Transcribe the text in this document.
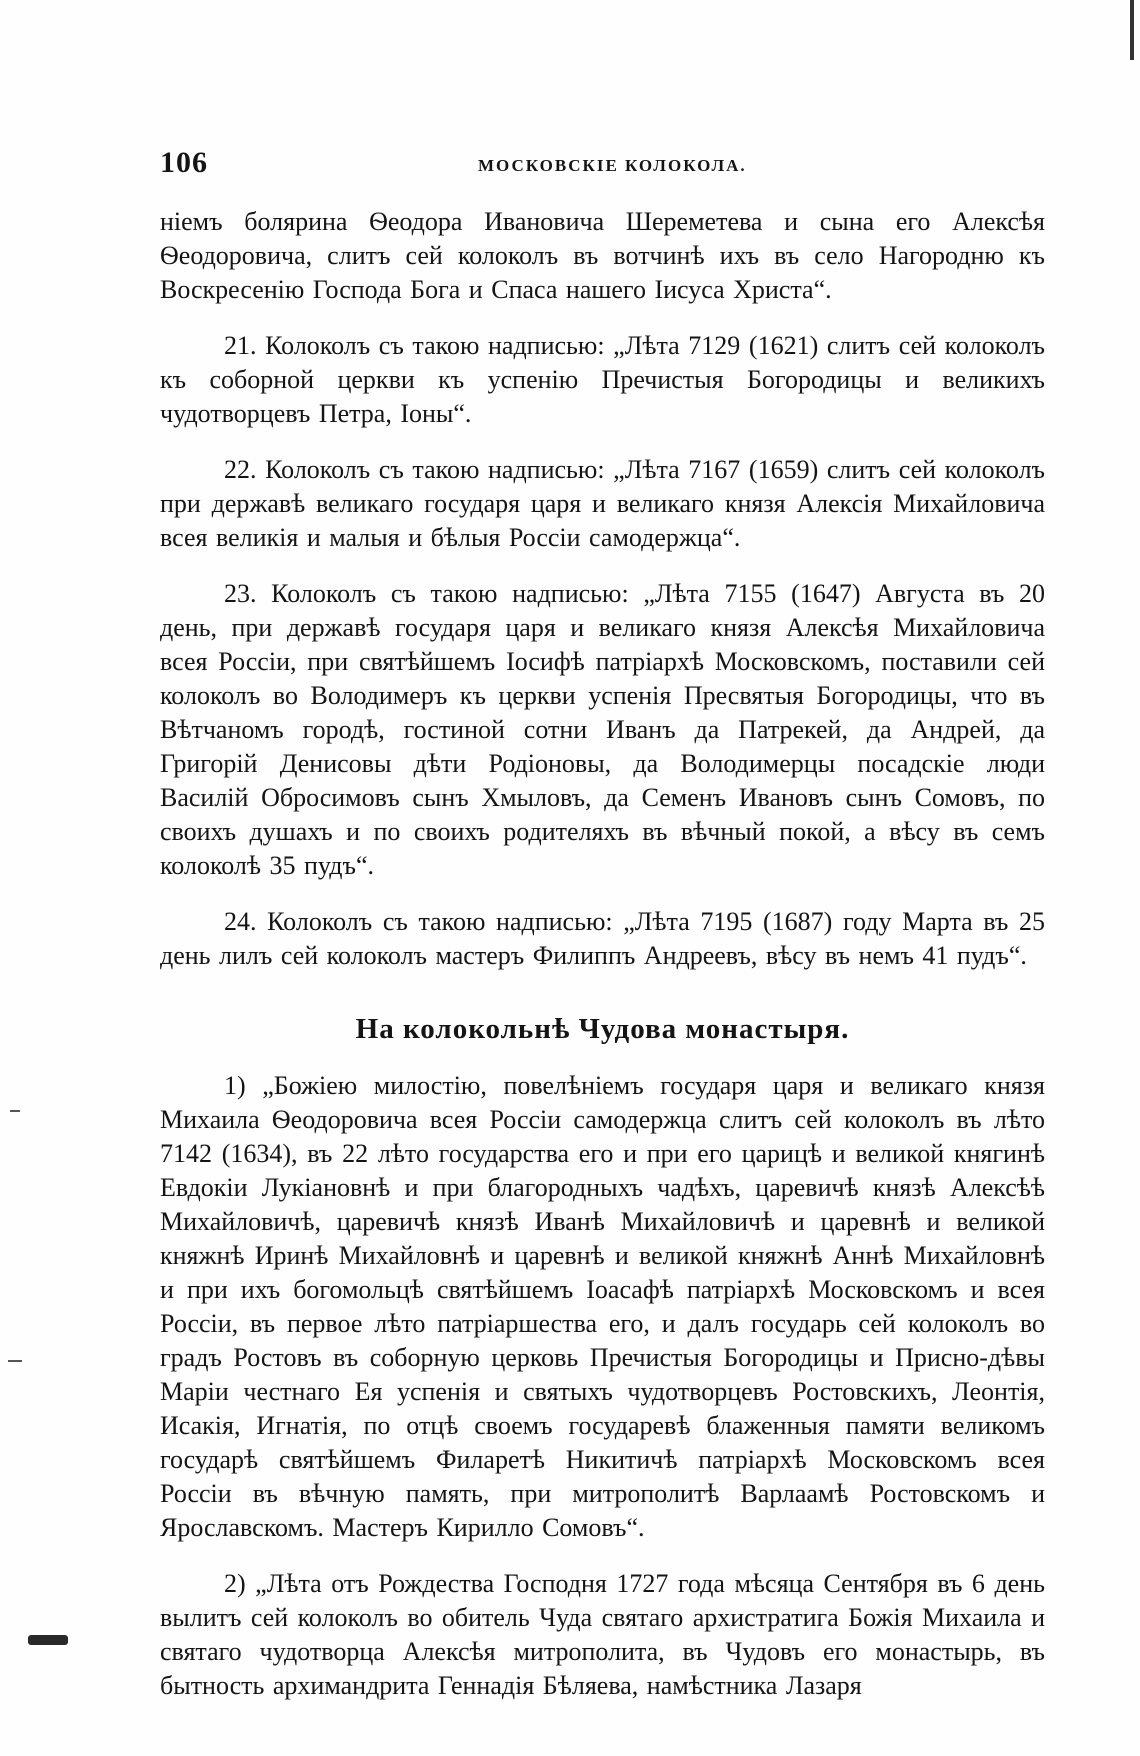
106	МОСКОВСКІЕ КОЛОКОЛА.

ніемъ болярина Ѳеодора Ивановича Шереметева и сына его Алексѣя Ѳеодоровича, слитъ сей колоколъ въ вотчинѣ ихъ въ село Нагородню къ Воскресенію Господа Бога и Спаса нашего Іисуса Христа“.

21. Колоколъ съ такою надписью: „Лѣта 7129 (1621) слитъ сей колоколъ къ соборной церкви къ успенію Пречистыя Богородицы и великихъ чудотворцевъ Петра, Іоны“.

22. Колоколъ съ такою надписью: „Лѣта 7167 (1659) слитъ сей колоколъ при державѣ великаго государя царя и великаго князя Алексія Михайловича всея великія и малыя и бѣлыя Россіи самодержца“.

23. Колоколъ съ такою надписью: „Лѣта 7155 (1647) Августа въ 20 день, при державѣ государя царя и великаго князя Алексѣя Михайловича всея Россіи, при святѣйшемъ Іосифѣ патріархѣ Московскомъ, поставили сей колоколъ во Володимеръ къ церкви успенія Пресвятыя Богородицы, что въ Вѣтчаномъ городѣ, гостиной сотни Иванъ да Патрекей, да Андрей, да Григорій Денисовы дѣти Родіоновы, да Володимерцы посадскіе люди Василій Обросимовъ сынъ Хмыловъ, да Семенъ Ивановъ сынъ Сомовъ, по своихъ душахъ и по своихъ родителяхъ въ вѣчный покой, а вѣсу въ семъ колоколѣ 35 пудъ“.

24. Колоколъ съ такою надписью: „Лѣта 7195 (1687) году Марта въ 25 день лилъ сей колоколъ мастеръ Филиппъ Андреевъ, вѣсу въ немъ 41 пудъ“.

На колокольнѣ Чудова монастыря.

1) „Божіею милостію, повелѣніемъ государя царя и великаго князя Михаила Ѳеодоровича всея Россіи самодержца слитъ сей колоколъ въ лѣто 7142 (1634), въ 22 лѣто государства его и при его царицѣ и великой княгинѣ Евдокіи Лукіановнѣ и при благородныхъ чадѣхъ, царевичѣ князѣ Алексѣѣ Михайловичѣ, царевичѣ князѣ Иванѣ Михайловичѣ и царевнѣ и великой княжнѣ Иринѣ Михайловнѣ и царевнѣ и великой княжнѣ Аннѣ Михайловнѣ и при ихъ богомольцѣ святѣйшемъ Іоасафѣ патріархѣ Московскомъ и всея Россіи, въ первое лѣто патріаршества его, и далъ государь сей колоколъ во градъ Ростовъ въ соборную церковь Пречистыя Богородицы и Присно-дѣвы Маріи честнаго Ея успенія и святыхъ чудотворцевъ Ростовскихъ, Леонтія, Исакія, Игнатія, по отцѣ своемъ государевѣ блаженныя памяти великомъ государѣ святѣйшемъ Филаретѣ Никитичѣ патріархѣ Московскомъ всея Россіи въ вѣчную память, при митрополитѣ Варлаамѣ Ростовскомъ и Ярославскомъ. Мастеръ Кирилло Сомовъ“.

2) „Лѣта отъ Рождества Господня 1727 года мѣсяца Сентября въ 6 день вылитъ сей колоколъ во обитель Чуда святаго архистратига Божія Михаила и святаго чудотворца Алексѣя митрополита, въ Чудовъ его монастырь, въ бытность архимандрита Геннадія Бѣляева, намѣстника Лазаря
